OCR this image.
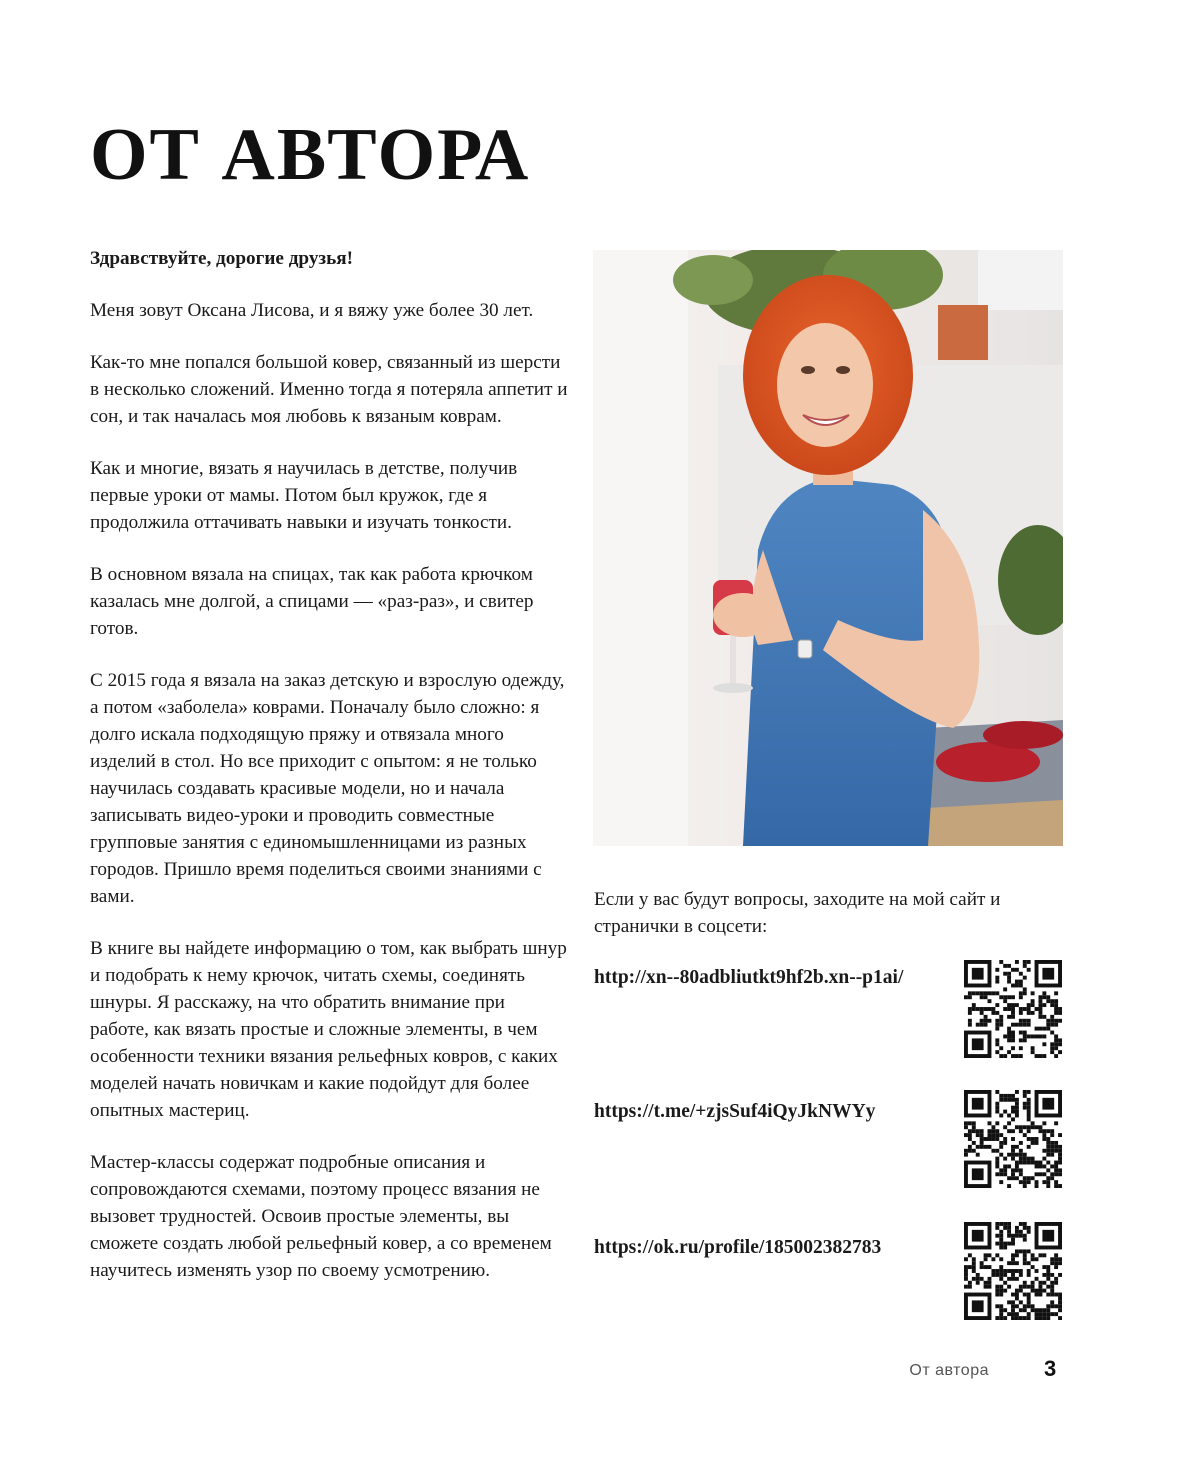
ОТ АВТОРА

Здравствуйте, дорогие друзья!

Меня зовут Оксана Лисова, и я вяжу уже более 30 лет.

Как-то мне попался большой ковер, связанный из шерсти в несколько сложений. Именно тогда я потеряла аппетит и сон, и так началась моя любовь к вязаным коврам.

Как и многие, вязать я научилась в детстве, получив первые уроки от мамы. Потом был кружок, где я продолжила оттачивать навыки и изучать тонкости.

В основном вязала на спицах, так как работа крючком казалась мне долгой, а спицами — «раз-раз», и свитер готов.

С 2015 года я вязала на заказ детскую и взрослую одежду, а потом «заболела» коврами. Поначалу было сложно: я долго искала подходящую пряжу и отвязала много изделий в стол. Но все приходит с опытом: я не только научилась создавать красивые модели, но и начала записывать видео-уроки и проводить совместные групповые занятия с единомышленницами из разных городов. Пришло время поделиться своими знаниями с вами.

В книге вы найдете информацию о том, как выбрать шнур и подобрать к нему крючок, читать схемы, соединять шнуры. Я расскажу, на что обратить внимание при работе, как вязать простые и сложные элементы, в чем особенности техники вязания рельефных ковров, с каких моделей начать новичкам и какие подойдут для более опытных мастериц.

Мастер-классы содержат подробные описания и сопровождаются схемами, поэтому процесс вязания не вызовет трудностей. Освоив простые элементы, вы сможете создать любой рельефный ковер, а со временем научитесь изменять узор по своему усмотрению.

Если у вас будут вопросы, заходите на мой сайт и странички в соцсети:

http://xn--80adbliutkt9hf2b.xn--p1ai/
https://t.me/+zjsSuf4iQyJkNWYy
https://ok.ru/profile/185002382783
От автора	3
